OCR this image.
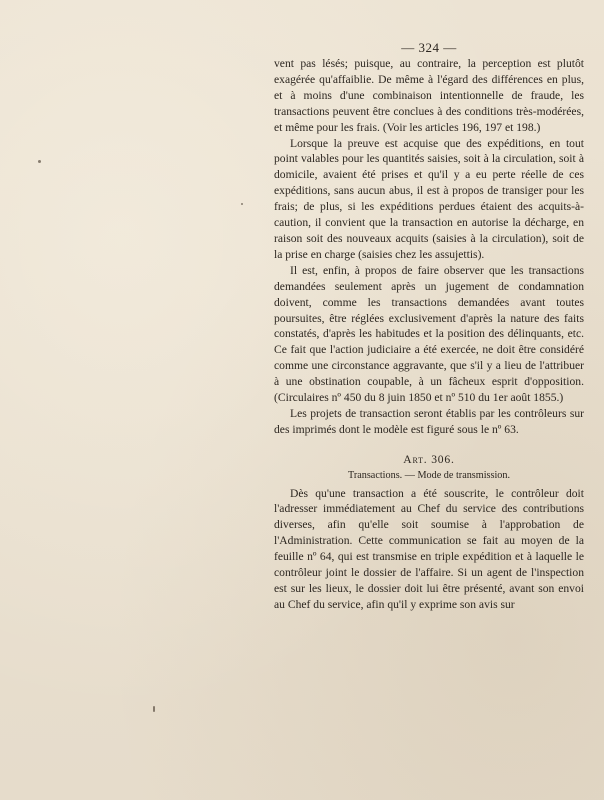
— 324 —

vent pas lésés; puisque, au contraire, la perception est plutôt exagérée qu'affaiblie. De même à l'égard des différences en plus, et à moins d'une combinaison intentionnelle de fraude, les transactions peuvent être conclues à des conditions très-modérées, et même pour les frais. (Voir les articles 196, 197 et 198.)

Lorsque la preuve est acquise que des expéditions, en tout point valables pour les quantités saisies, soit à la circulation, soit à domicile, avaient été prises et qu'il y a eu perte réelle de ces expéditions, sans aucun abus, il est à propos de transiger pour les frais; de plus, si les expéditions perdues étaient des acquits-à-caution, il convient que la transaction en autorise la décharge, en raison soit des nouveaux acquits (saisies à la circulation), soit de la prise en charge (saisies chez les assujettis).

Il est, enfin, à propos de faire observer que les transactions demandées seulement après un jugement de condamnation doivent, comme les transactions demandées avant toutes poursuites, être réglées exclusivement d'après la nature des faits constatés, d'après les habitudes et la position des délinquants, etc. Ce fait que l'action judiciaire a été exercée, ne doit être considéré comme une circonstance aggravante, que s'il y a lieu de l'attribuer à une obstination coupable, à un fâcheux esprit d'opposition. (Circulaires nº 450 du 8 juin 1850 et nº 510 du 1er août 1855.)

Les projets de transaction seront établis par les contrôleurs sur des imprimés dont le modèle est figuré sous le nº 63.

Art. 306.
Transactions. — Mode de transmission.

Dès qu'une transaction a été souscrite, le contrôleur doit l'adresser immédiatement au Chef du service des contributions diverses, afin qu'elle soit soumise à l'approbation de l'Administration. Cette communication se fait au moyen de la feuille nº 64, qui est transmise en triple expédition et à laquelle le contrôleur joint le dossier de l'affaire. Si un agent de l'inspection est sur les lieux, le dossier doit lui être présenté, avant son envoi au Chef du service, afin qu'il y exprime son avis sur
